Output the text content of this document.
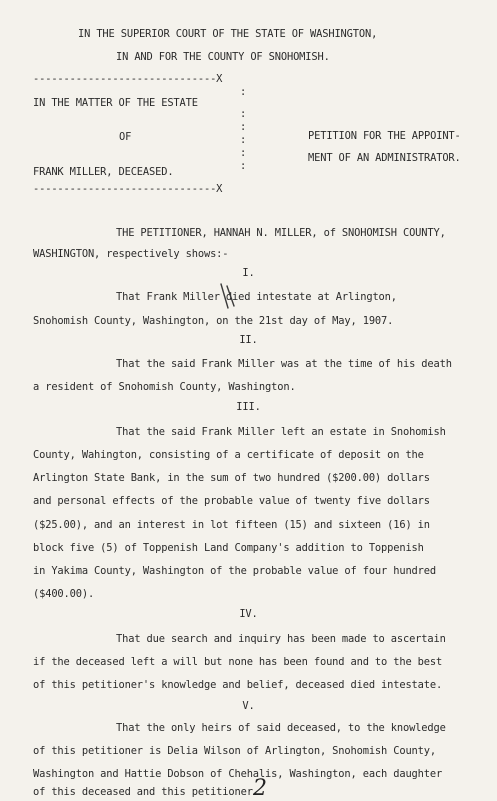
IN THE SUPERIOR COURT OF THE STATE OF WASHINGTON,
IN AND FOR THE COUNTY OF SNOHOMISH.
------------------------------X
:
IN THE MATTER OF THE ESTATE
:
:
OF	:	PETITION FOR THE APPOINT-
:	MENT OF AN ADMINISTRATOR.
FRANK MILLER, DECEASED.	:
------------------------------X
THE PETITIONER, HANNAH N. MILLER, of SNOHOMISH COUNTY,
WASHINGTON, respectively shows:-
I.
That Frank Miller died intestate at Arlington,
Snohomish County, Washington, on the 21st day of May, 1907.
II.
That the said Frank Miller was at the time of his death
a resident of Snohomish County, Washington.
III.
That the said Frank Miller left an estate in Snohomish
County, Wahington, consisting of a certificate of deposit on the
Arlington State Bank, in the sum of two hundred ($200.00) dollars
and personal effects of the probable value of twenty five dollars
($25.00), and an interest in lot fifteen (15) and sixteen (16) in
block five (5) of Toppenish Land Company's addition to Toppenish
in Yakima County, Washington of the probable value of four hundred
($400.00).
IV.
That due search and inquiry has been made to ascertain
if the deceased left a will but none has been found and to the best
of this petitioner's knowledge and belief, deceased died intestate.
V.
That the only heirs of said deceased, to the knowledge
of this petitioner is Delia Wilson of Arlington, Snohomish County,
Washington and Hattie Dobson of Chehalis, Washington, each daughter
of this deceased and this petitioner.
2
